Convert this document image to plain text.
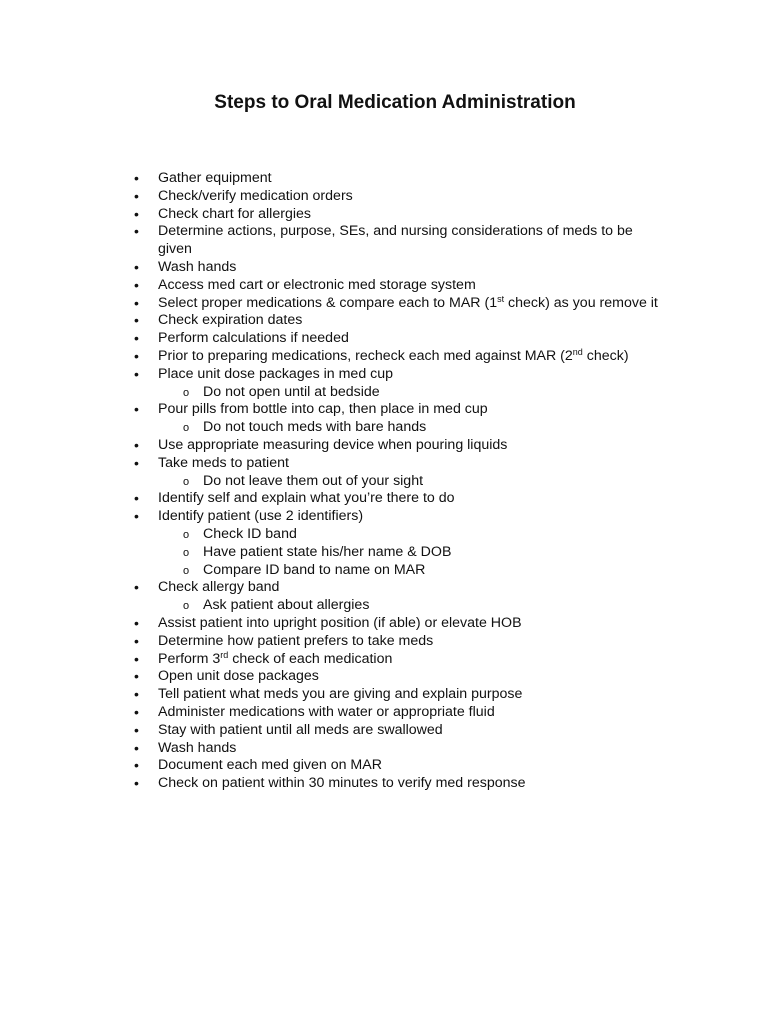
Steps to Oral Medication Administration
• Gather equipment
• Check/verify medication orders
• Check chart for allergies
• Determine actions, purpose, SEs, and nursing considerations of meds to be given
• Wash hands
• Access med cart or electronic med storage system
• Select proper medications & compare each to MAR (1st check) as you remove it
• Check expiration dates
• Perform calculations if needed
• Prior to preparing medications, recheck each med against MAR (2nd check)
• Place unit dose packages in med cup
o Do not open until at bedside
• Pour pills from bottle into cap, then place in med cup
o Do not touch meds with bare hands
• Use appropriate measuring device when pouring liquids
• Take meds to patient
o Do not leave them out of your sight
• Identify self and explain what you’re there to do
• Identify patient (use 2 identifiers)
o Check ID band
o Have patient state his/her name & DOB
o Compare ID band to name on MAR
• Check allergy band
o Ask patient about allergies
• Assist patient into upright position (if able) or elevate HOB
• Determine how patient prefers to take meds
• Perform 3rd check of each medication
• Open unit dose packages
• Tell patient what meds you are giving and explain purpose
• Administer medications with water or appropriate fluid
• Stay with patient until all meds are swallowed
• Wash hands
• Document each med given on MAR
• Check on patient within 30 minutes to verify med response
